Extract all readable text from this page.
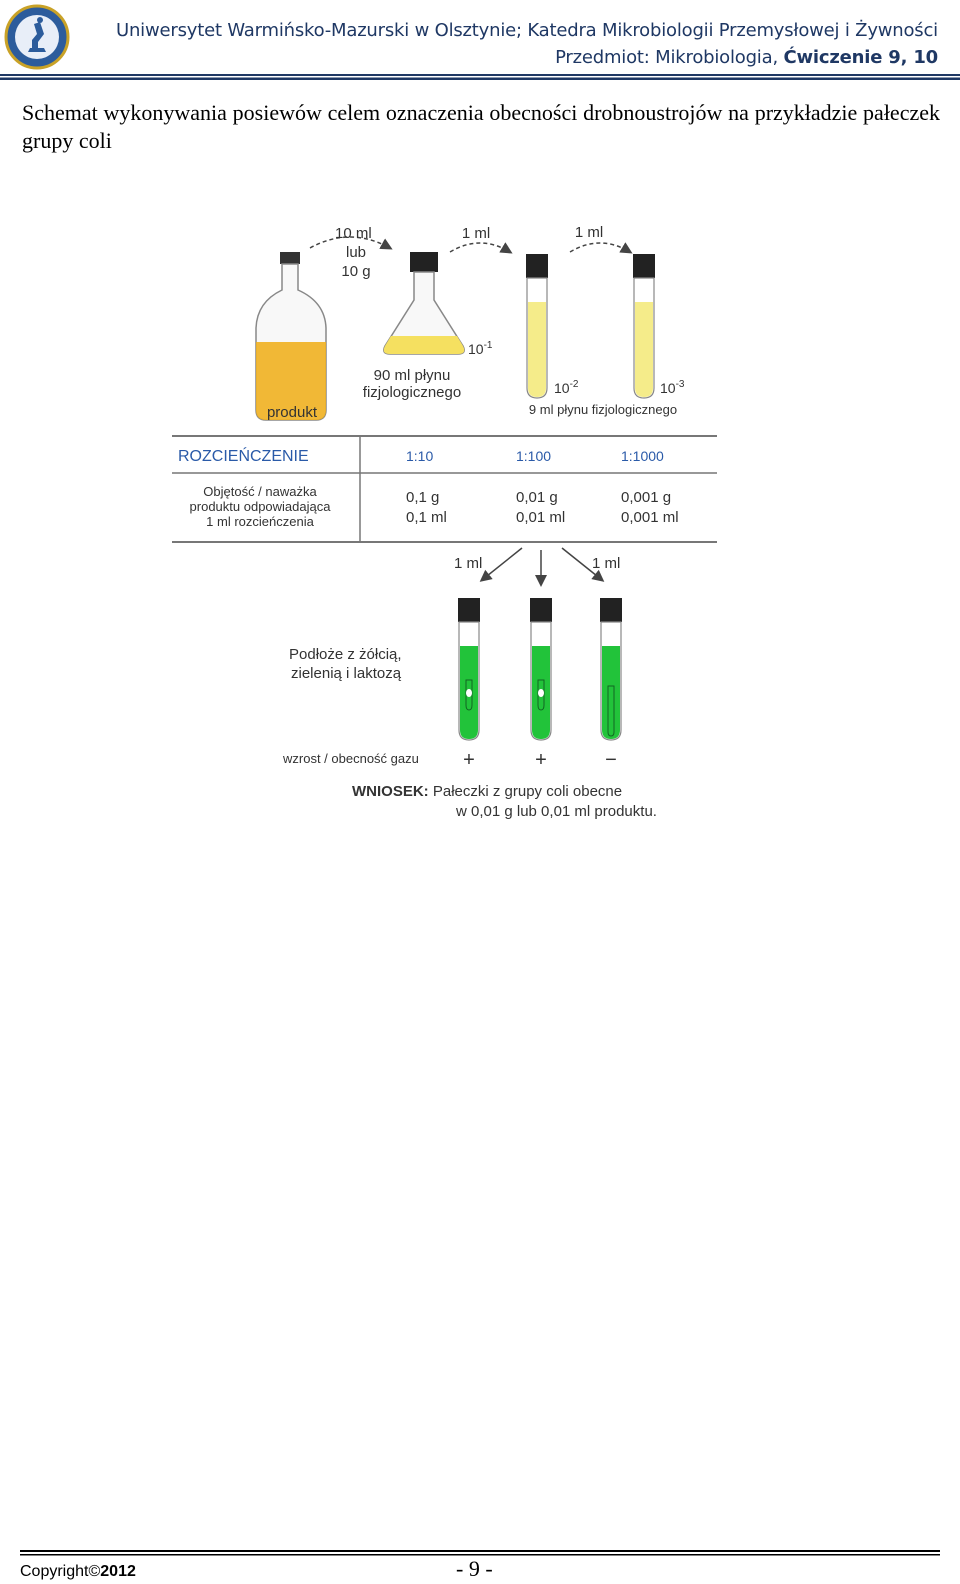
Uniwersytet Warmińsko-Mazurski w Olsztynie; Katedra Mikrobiologii Przemysłowej i Żywności
Przedmiot: Mikrobiologia, Ćwiczenie 9, 10
Schemat wykonywania posiewów celem oznaczenia obecności drobnoustrojów na przykładzie pałeczek grupy coli
10 ml
lub
10 g
1 ml	1 ml
produkt
90 ml płynu
fizjologicznego
$10^{-1}$
$10^{-2}$	$10^{-3}$
9 ml płynu fizjologicznego
ROZCIEŃCZENIE	1:10	1:100	1:1000
Objętość / naważka
produktu odpowiadająca
1 ml rozcieńczenia
0,1 g	0,01 g	0,001 g
0,1 ml	0,01 ml	0,001 ml
1 ml	1 ml
Podłoże z żółcią,
zielenią i laktozą
wzrost / obecność gazu +	+	−
WNIOSEK: Pałeczki z grupy coli obecne
w 0,01 g lub 0,01 ml produktu.
Copyright©2012	- 9 -
